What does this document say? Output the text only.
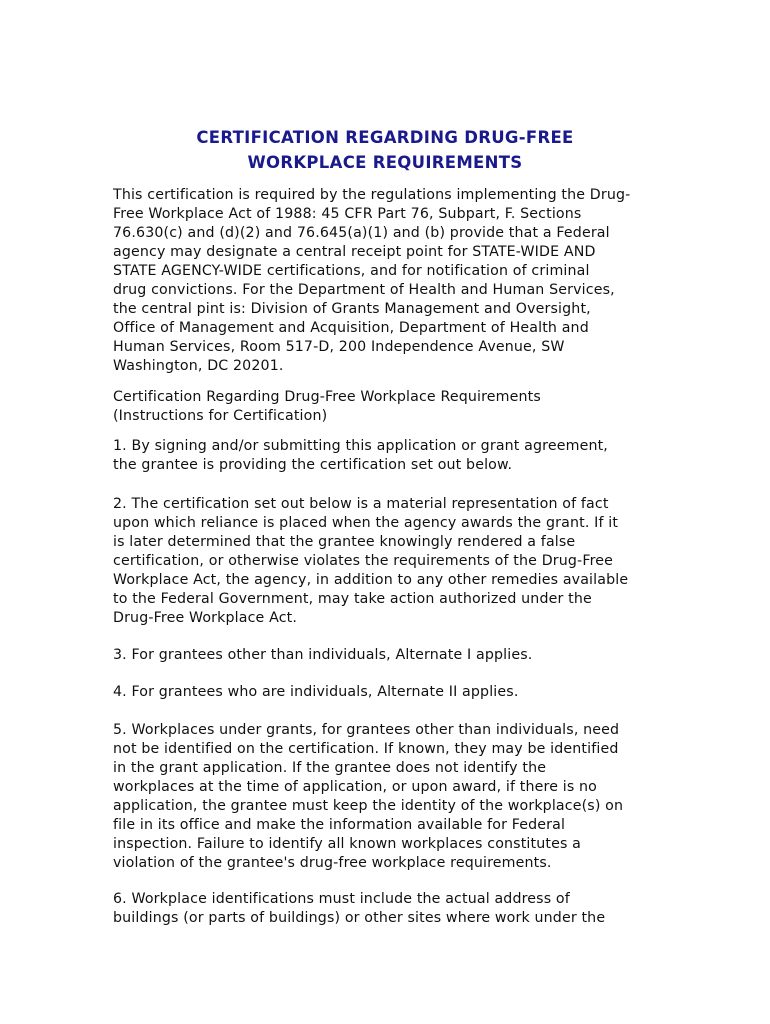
CERTIFICATION REGARDING DRUG-FREE
WORKPLACE REQUIREMENTS

This certification is required by the regulations implementing the Drug-
Free Workplace Act of 1988: 45 CFR Part 76, Subpart, F. Sections
76.630(c) and (d)(2) and 76.645(a)(1) and (b) provide that a Federal
agency may designate a central receipt point for STATE-WIDE AND
STATE AGENCY-WIDE certifications, and for notification of criminal
drug convictions. For the Department of Health and Human Services,
the central pint is: Division of Grants Management and Oversight,
Office of Management and Acquisition, Department of Health and
Human Services, Room 517-D, 200 Independence Avenue, SW
Washington, DC 20201.

Certification Regarding Drug-Free Workplace Requirements
(Instructions for Certification)

1. By signing and/or submitting this application or grant agreement,
the grantee is providing the certification set out below.

2. The certification set out below is a material representation of fact
upon which reliance is placed when the agency awards the grant. If it
is later determined that the grantee knowingly rendered a false
certification, or otherwise violates the requirements of the Drug-Free
Workplace Act, the agency, in addition to any other remedies available
to the Federal Government, may take action authorized under the
Drug-Free Workplace Act.

3. For grantees other than individuals, Alternate I applies.

4. For grantees who are individuals, Alternate II applies.

5. Workplaces under grants, for grantees other than individuals, need
not be identified on the certification. If known, they may be identified
in the grant application. If the grantee does not identify the
workplaces at the time of application, or upon award, if there is no
application, the grantee must keep the identity of the workplace(s) on
file in its office and make the information available for Federal
inspection. Failure to identify all known workplaces constitutes a
violation of the grantee's drug-free workplace requirements.

6. Workplace identifications must include the actual address of
buildings (or parts of buildings) or other sites where work under the
